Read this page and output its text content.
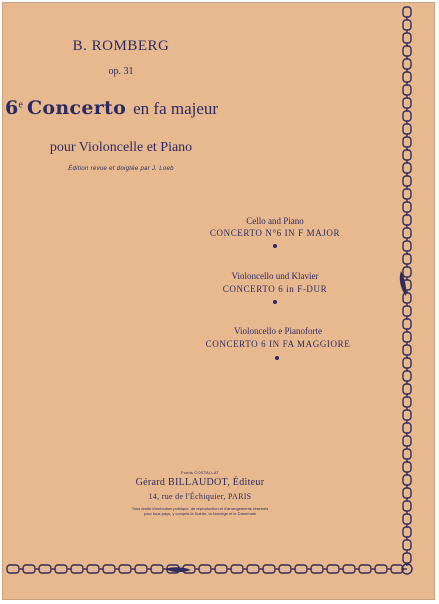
B. ROMBERG
op. 31
6e Concerto en fa majeur
pour Violoncelle et Piano
Édition revue et doigtée par J. Loeb
Cello and Piano
CONCERTO N°6 IN F MAJOR
Violoncello und Klavier
CONCERTO 6 in F-DUR
Violoncello e Pianoforte
CONCERTO 6 IN FA MAGGIORE
Fonds COSTALLAT
Gérard BILLAUDOT, Éditeur
14, rue de l'Échiquier, PARIS
Tous droits d'exécution publique, de reproduction et d'arrangements réservés
pour tous pays, y compris la Suède, la Norvège et le Danemark
